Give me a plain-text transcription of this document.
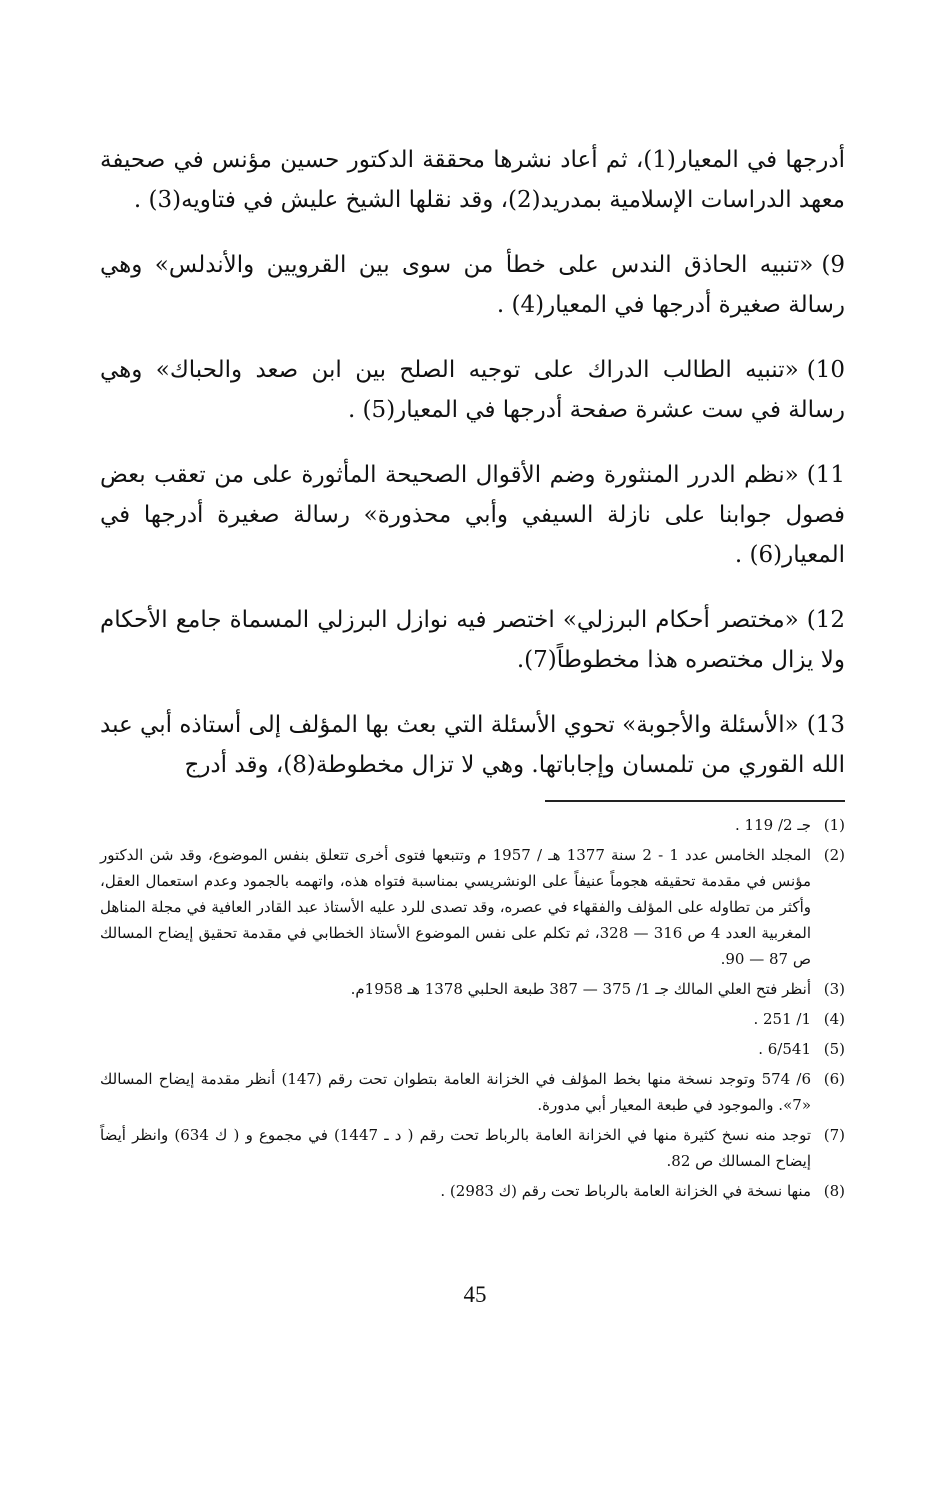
أدرجها في المعيار(1)، ثم أعاد نشرها محققة الدكتور حسين مؤنس في صحيفة معهد الدراسات الإسلامية بمدريد(2)، وقد نقلها الشيخ عليش في فتاويه(3) .

9)«تنبيه الحاذق الندس على خطأ من سوى بين القرويين والأندلس» وهي رسالة صغيرة أدرجها في المعيار(4) .

10)«تنبيه الطالب الدراك على توجيه الصلح بين ابن صعد والحباك» وهي رسالة في ست عشرة صفحة أدرجها في المعيار(5) .

11)«نظم الدرر المنثورة وضم الأقوال الصحيحة المأثورة على من تعقب بعض فصول جوابنا على نازلة السيفي وأبي محذورة» رسالة صغيرة أدرجها في المعيار(6) .

12)«مختصر أحكام البرزلي» اختصر فيه نوازل البرزلي المسماة جامع الأحكام ولا يزال مختصره هذا مخطوطاً(7).

13)«الأسئلة والأجوبة» تحوي الأسئلة التي بعث بها المؤلف إلى أستاذه أبي عبد الله القوري من تلمسان وإجاباتها. وهي لا تزال مخطوطة(8)، وقد أدرج

(1)
جـ 2/ 119 .

(2)
المجلد الخامس عدد 1 - 2 سنة 1377 هـ / 1957 م وتتبعها فتوى أخرى تتعلق بنفس الموضوع، وقد شن الدكتور مؤنس في مقدمة تحقيقه هجوماً عنيفاً على الونشريسي بمناسبة فتواه هذه، واتهمه بالجمود وعدم استعمال العقل، وأكثر من تطاوله على المؤلف والفقهاء في عصره، وقد تصدى للرد عليه الأستاذ عبد القادر العافية في مجلة المناهل المغربية العدد 4 ص 316 — 328، ثم تكلم على نفس الموضوع الأستاذ الخطابي في مقدمة تحقيق إيضاح المسالك ص 87 — 90.

(3)
أنظر فتح العلي المالك جـ 1/ 375 — 387 طبعة الحلبي 1378 هـ 1958م.

(4)
1/ 251 .

(5)
6/541 .

(6)
6/ 574 وتوجد نسخة منها بخط المؤلف في الخزانة العامة بتطوان تحت رقم (147) أنظر مقدمة إيضاح المسالك «7». والموجود في طبعة المعيار أبي مدورة.

(7)
توجد منه نسخ كثيرة منها في الخزانة العامة بالرباط تحت رقم ( د ـ 1447) في مجموع و ( ك 634) وانظر أيضاً إيضاح المسالك ص 82.

(8)
منها نسخة في الخزانة العامة بالرباط تحت رقم (ك 2983) .

45
